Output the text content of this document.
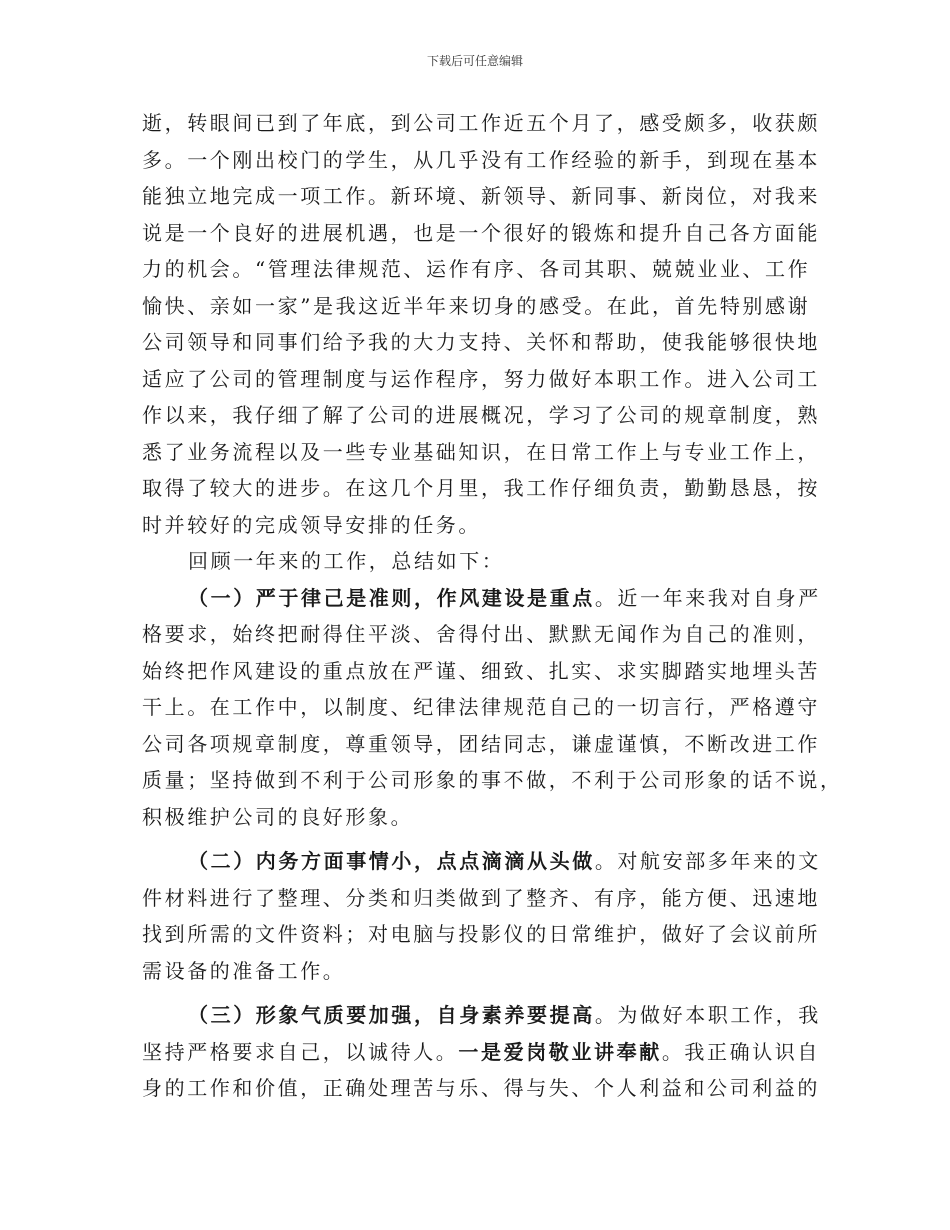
下载后可任意编辑
逝，转眼间已到了年底，到公司工作近五个月了，感受颇多，收获颇
多。一个刚出校门的学生，从几乎没有工作经验的新手，到现在基本
能独立地完成一项工作。新环境、新领导、新同事、新岗位，对我来
说是一个良好的进展机遇，也是一个很好的锻炼和提升自己各方面能
力的机会。“管理法律规范、运作有序、各司其职、兢兢业业、工作
愉快、亲如一家”是我这近半年来切身的感受。在此，首先特别感谢
公司领导和同事们给予我的大力支持、关怀和帮助，使我能够很快地
适应了公司的管理制度与运作程序，努力做好本职工作。进入公司工
作以来，我仔细了解了公司的进展概况，学习了公司的规章制度，熟
悉了业务流程以及一些专业基础知识，在日常工作上与专业工作上，
取得了较大的进步。在这几个月里，我工作仔细负责，勤勤恳恳，按
时并较好的完成领导安排的任务。
回顾一年来的工作，总结如下：
（一）严于律己是准则，作风建设是重点。近一年来我对自身严
格要求，始终把耐得住平淡、舍得付出、默默无闻作为自己的准则，
始终把作风建设的重点放在严谨、细致、扎实、求实脚踏实地埋头苦
干上。在工作中，以制度、纪律法律规范自己的一切言行，严格遵守
公司各项规章制度，尊重领导，团结同志，谦虚谨慎，不断改进工作
质量；坚持做到不利于公司形象的事不做，不利于公司形象的话不说，
积极维护公司的良好形象。
（二）内务方面事情小，点点滴滴从头做。对航安部多年来的文
件材料进行了整理、分类和归类做到了整齐、有序，能方便、迅速地
找到所需的文件资料；对电脑与投影仪的日常维护，做好了会议前所
需设备的准备工作。
（三）形象气质要加强，自身素养要提高。为做好本职工作，我
坚持严格要求自己，以诚待人。一是爱岗敬业讲奉献。我正确认识自
身的工作和价值，正确处理苦与乐、得与失、个人利益和公司利益的
